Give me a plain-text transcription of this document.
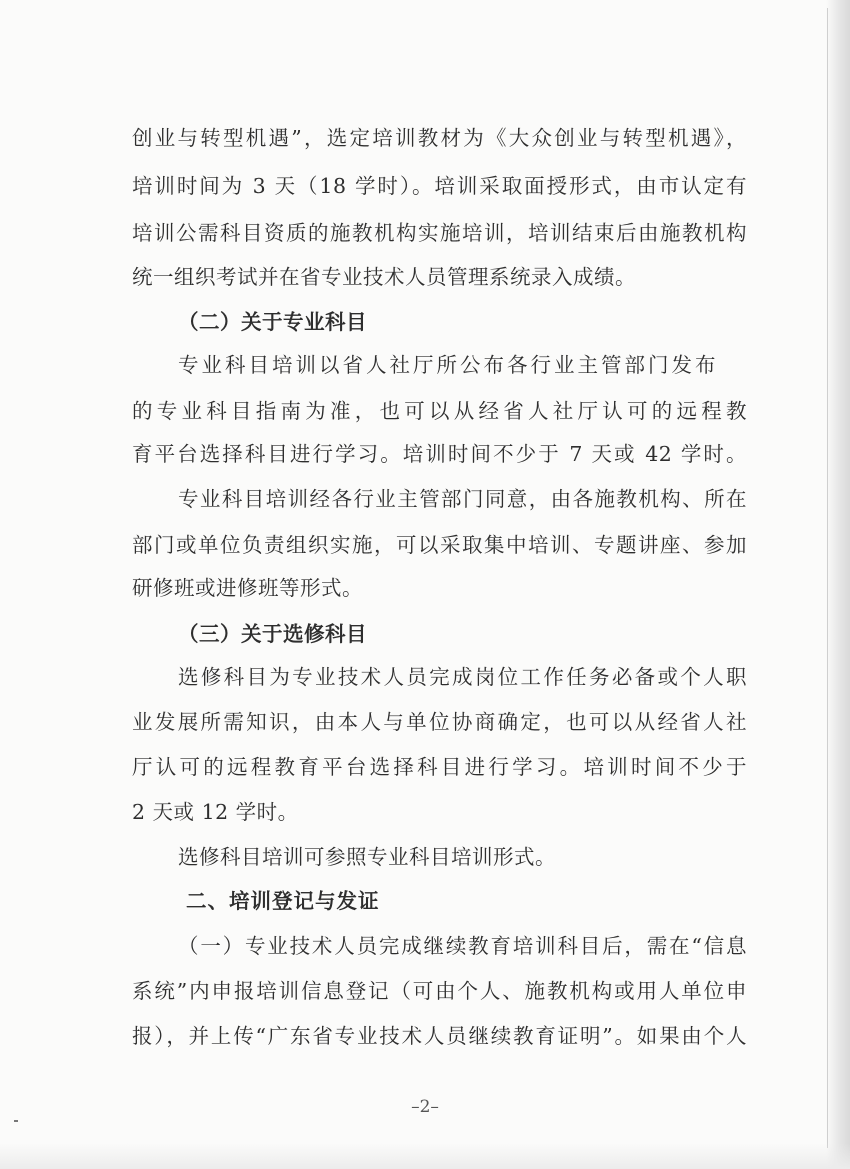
创业与转型机遇”，选定培训教材为《大众创业与转型机遇》，
培训时间为 3 天（18 学时）。培训采取面授形式，由市认定有
培训公需科目资质的施教机构实施培训，培训结束后由施教机构
统一组织考试并在省专业技术人员管理系统录入成绩。
（二）关于专业科目
专业科目培训以省人社厅所公布各行业主管部门发布
的专业科目指南为准，也可以从经省人社厅认可的远程教
育平台选择科目进行学习。培训时间不少于 7 天或 42 学时。
专业科目培训经各行业主管部门同意，由各施教机构、所在
部门或单位负责组织实施，可以采取集中培训、专题讲座、参加
研修班或进修班等形式。
（三）关于选修科目
选修科目为专业技术人员完成岗位工作任务必备或个人职
业发展所需知识，由本人与单位协商确定，也可以从经省人社
厅认可的远程教育平台选择科目进行学习。培训时间不少于
2 天或 12 学时。
选修科目培训可参照专业科目培训形式。
二、培训登记与发证
（一）专业技术人员完成继续教育培训科目后，需在“信息
系统”内申报培训信息登记（可由个人、施教机构或用人单位申
报），并上传“广东省专业技术人员继续教育证明”。如果由个人
–2–
